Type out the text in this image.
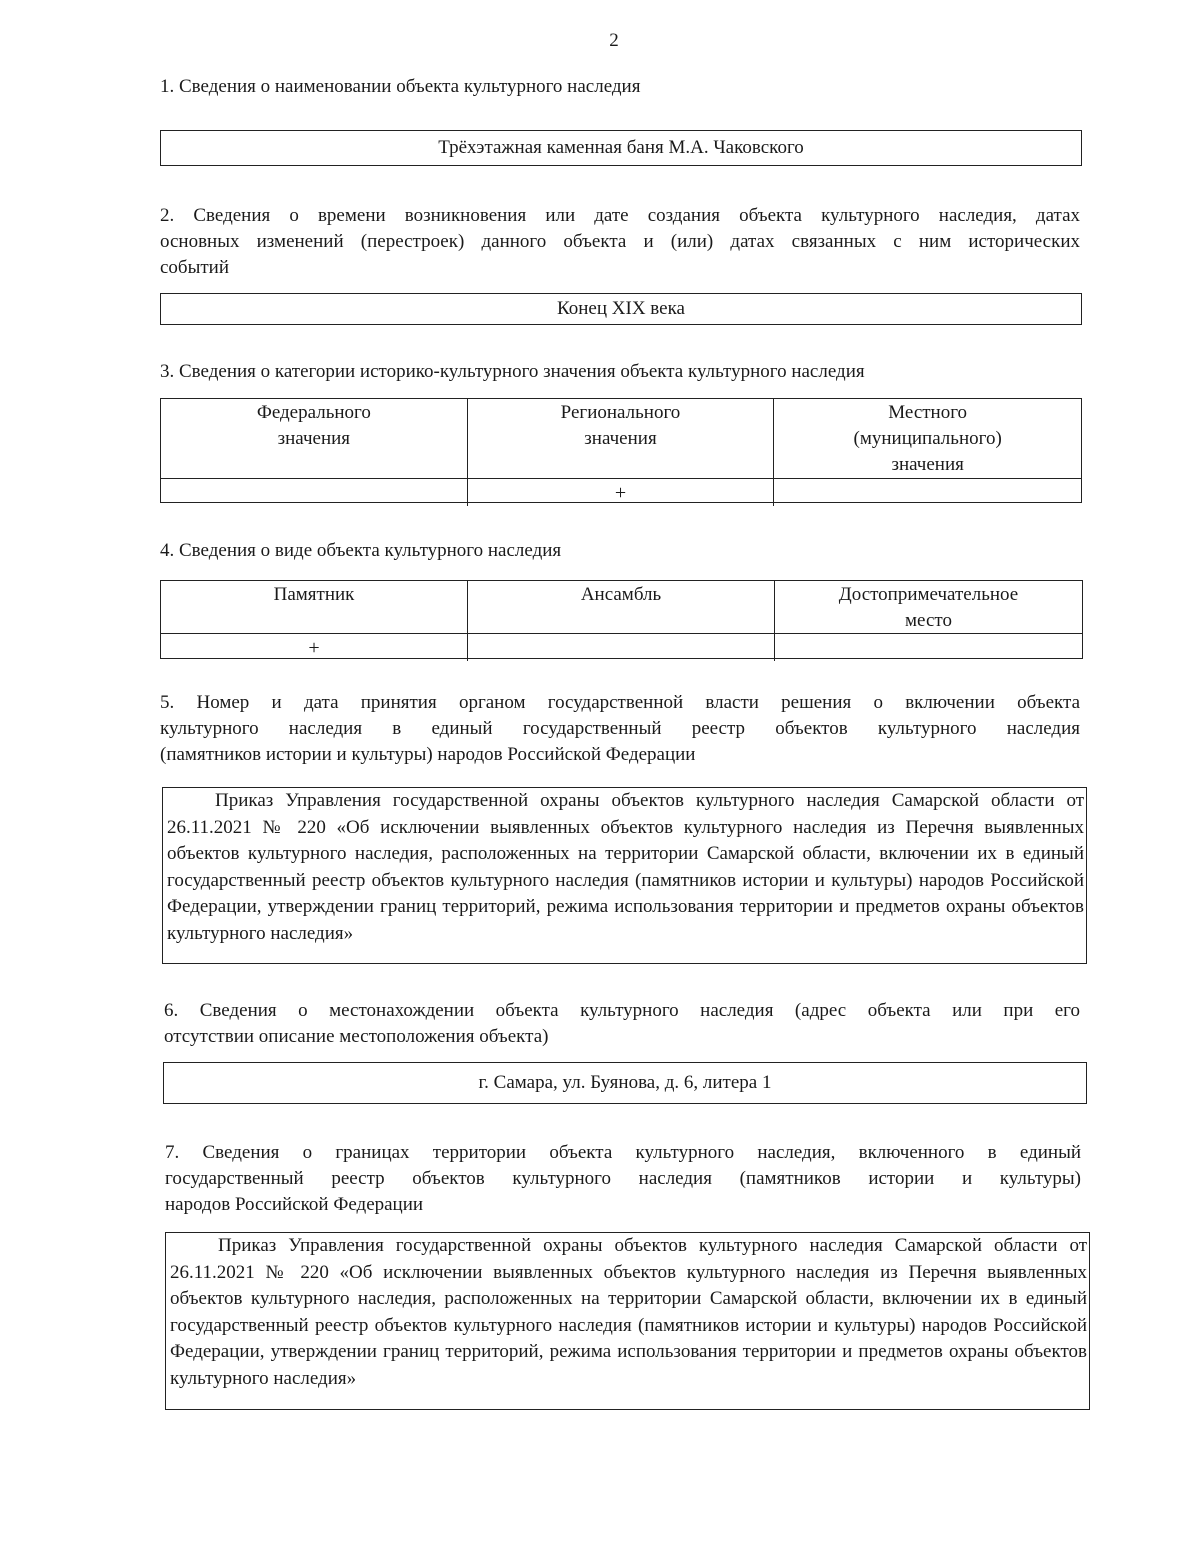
2
1. Сведения о наименовании объекта культурного наследия
Трёхэтажная каменная баня М.А. Чаковского
2. Сведения о времени возникновения или дате создания объекта культурного наследия, датах
основных изменений (перестроек) данного объекта и (или) датах связанных с ним исторических
событий
Конец XIX века
3. Сведения о категории историко-культурного значения объекта культурного наследия
Федерального
значения
Регионального
значения
Местного
(муниципального)
значения
+
4. Сведения о виде объекта культурного наследия
Памятник	Ансамбль	Достопримечательное
место
+
5. Номер и дата принятия органом государственной власти решения о включении объекта
культурного наследия в единый государственный реестр объектов культурного наследия
(памятников истории и культуры) народов Российской Федерации
Приказ Управления государственной охраны объектов культурного наследия Самарской области от 26.11.2021 № 220 «Об исключении выявленных объектов культурного наследия из Перечня выявленных объектов культурного наследия, расположенных на территории Самарской области, включении их в единый государственный реестр объектов культурного наследия (памятников истории и культуры) народов Российской Федерации, утверждении границ территорий, режима использования территории и предметов охраны объектов культурного наследия»
6. Сведения о местонахождении объекта культурного наследия (адрес объекта или при его
отсутствии описание местоположения объекта)
г. Самара, ул. Буянова, д. 6, литера 1
7. Сведения о границах территории объекта культурного наследия, включенного в единый
государственный реестр объектов культурного наследия (памятников истории и культуры)
народов Российской Федерации
Приказ Управления государственной охраны объектов культурного наследия Самарской области от 26.11.2021 № 220 «Об исключении выявленных объектов культурного наследия из Перечня выявленных объектов культурного наследия, расположенных на территории Самарской области, включении их в единый государственный реестр объектов культурного наследия (памятников истории и культуры) народов Российской Федерации, утверждении границ территорий, режима использования территории и предметов охраны объектов культурного наследия»
